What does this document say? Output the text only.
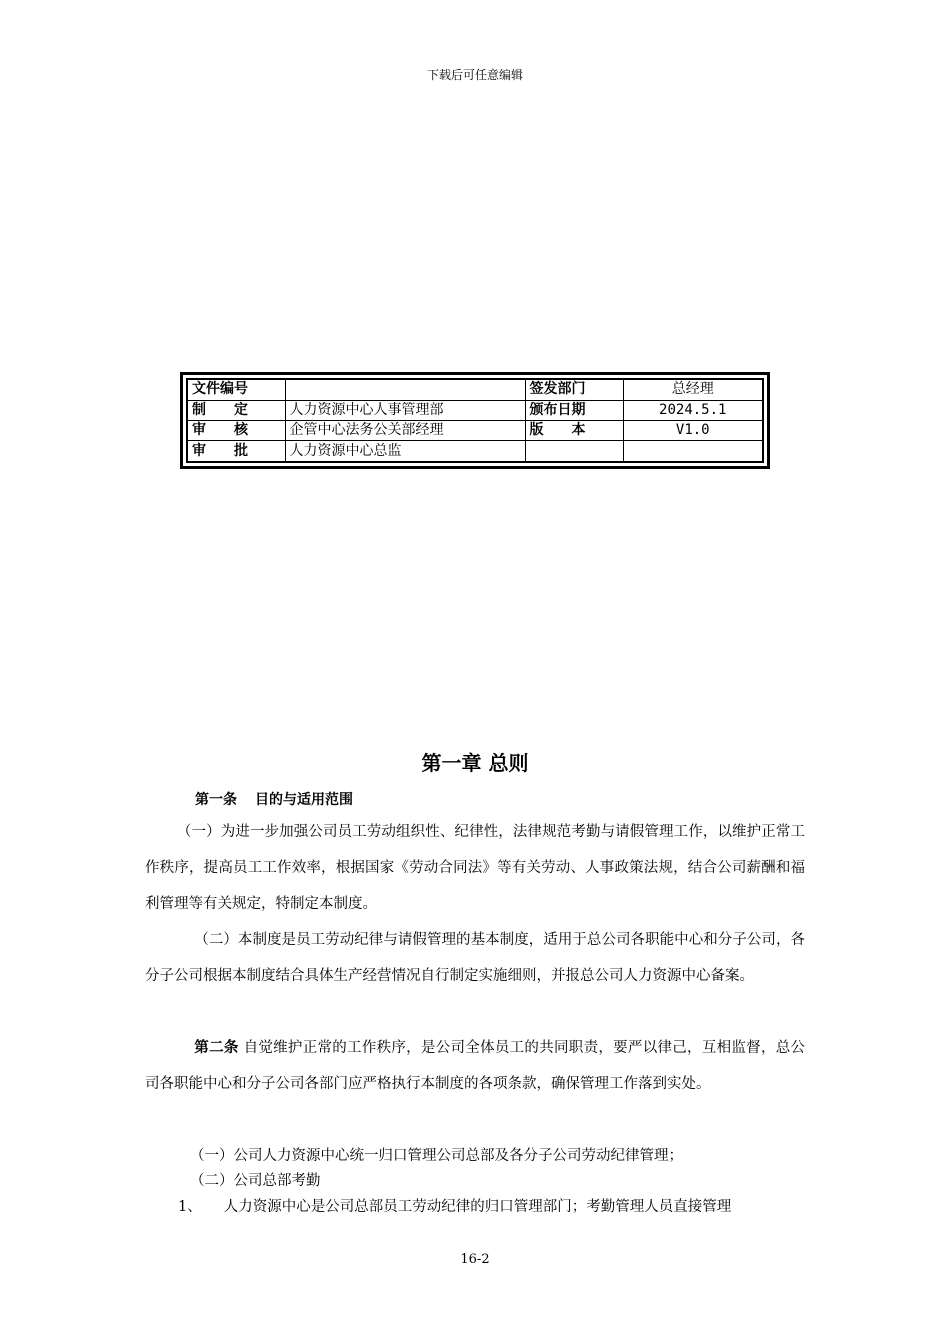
下载后可任意编辑
文件编号		签发部门	总经理
制　　定	人力资源中心人事管理部	颁布日期	2024.5.1
审　　核	企管中心法务公关部经理	版　　本	V1.0
审　　批	人力资源中心总监		
第一章 总则
第一条 目的与适用范围

（一）为进一步加强公司员工劳动组织性、纪律性，法律规范考勤与请假管理工作，以维护正常工作秩序，提高员工工作效率，根据国家《劳动合同法》等有关劳动、人事政策法规，结合公司薪酬和福利管理等有关规定，特制定本制度。

（二）本制度是员工劳动纪律与请假管理的基本制度，适用于总公司各职能中心和分子公司，各分子公司根据本制度结合具体生产经营情况自行制定实施细则，并报总公司人力资源中心备案。

第二条 自觉维护正常的工作秩序，是公司全体员工的共同职责，要严以律己，互相监督，总公司各职能中心和分子公司各部门应严格执行本制度的各项条款，确保管理工作落到实处。

（一）公司人力资源中心统一归口管理公司总部及各分子公司劳动纪律管理；

（二）公司总部考勤

1、 人力资源中心是公司总部员工劳动纪律的归口管理部门；考勤管理人员直接管理

16-2
